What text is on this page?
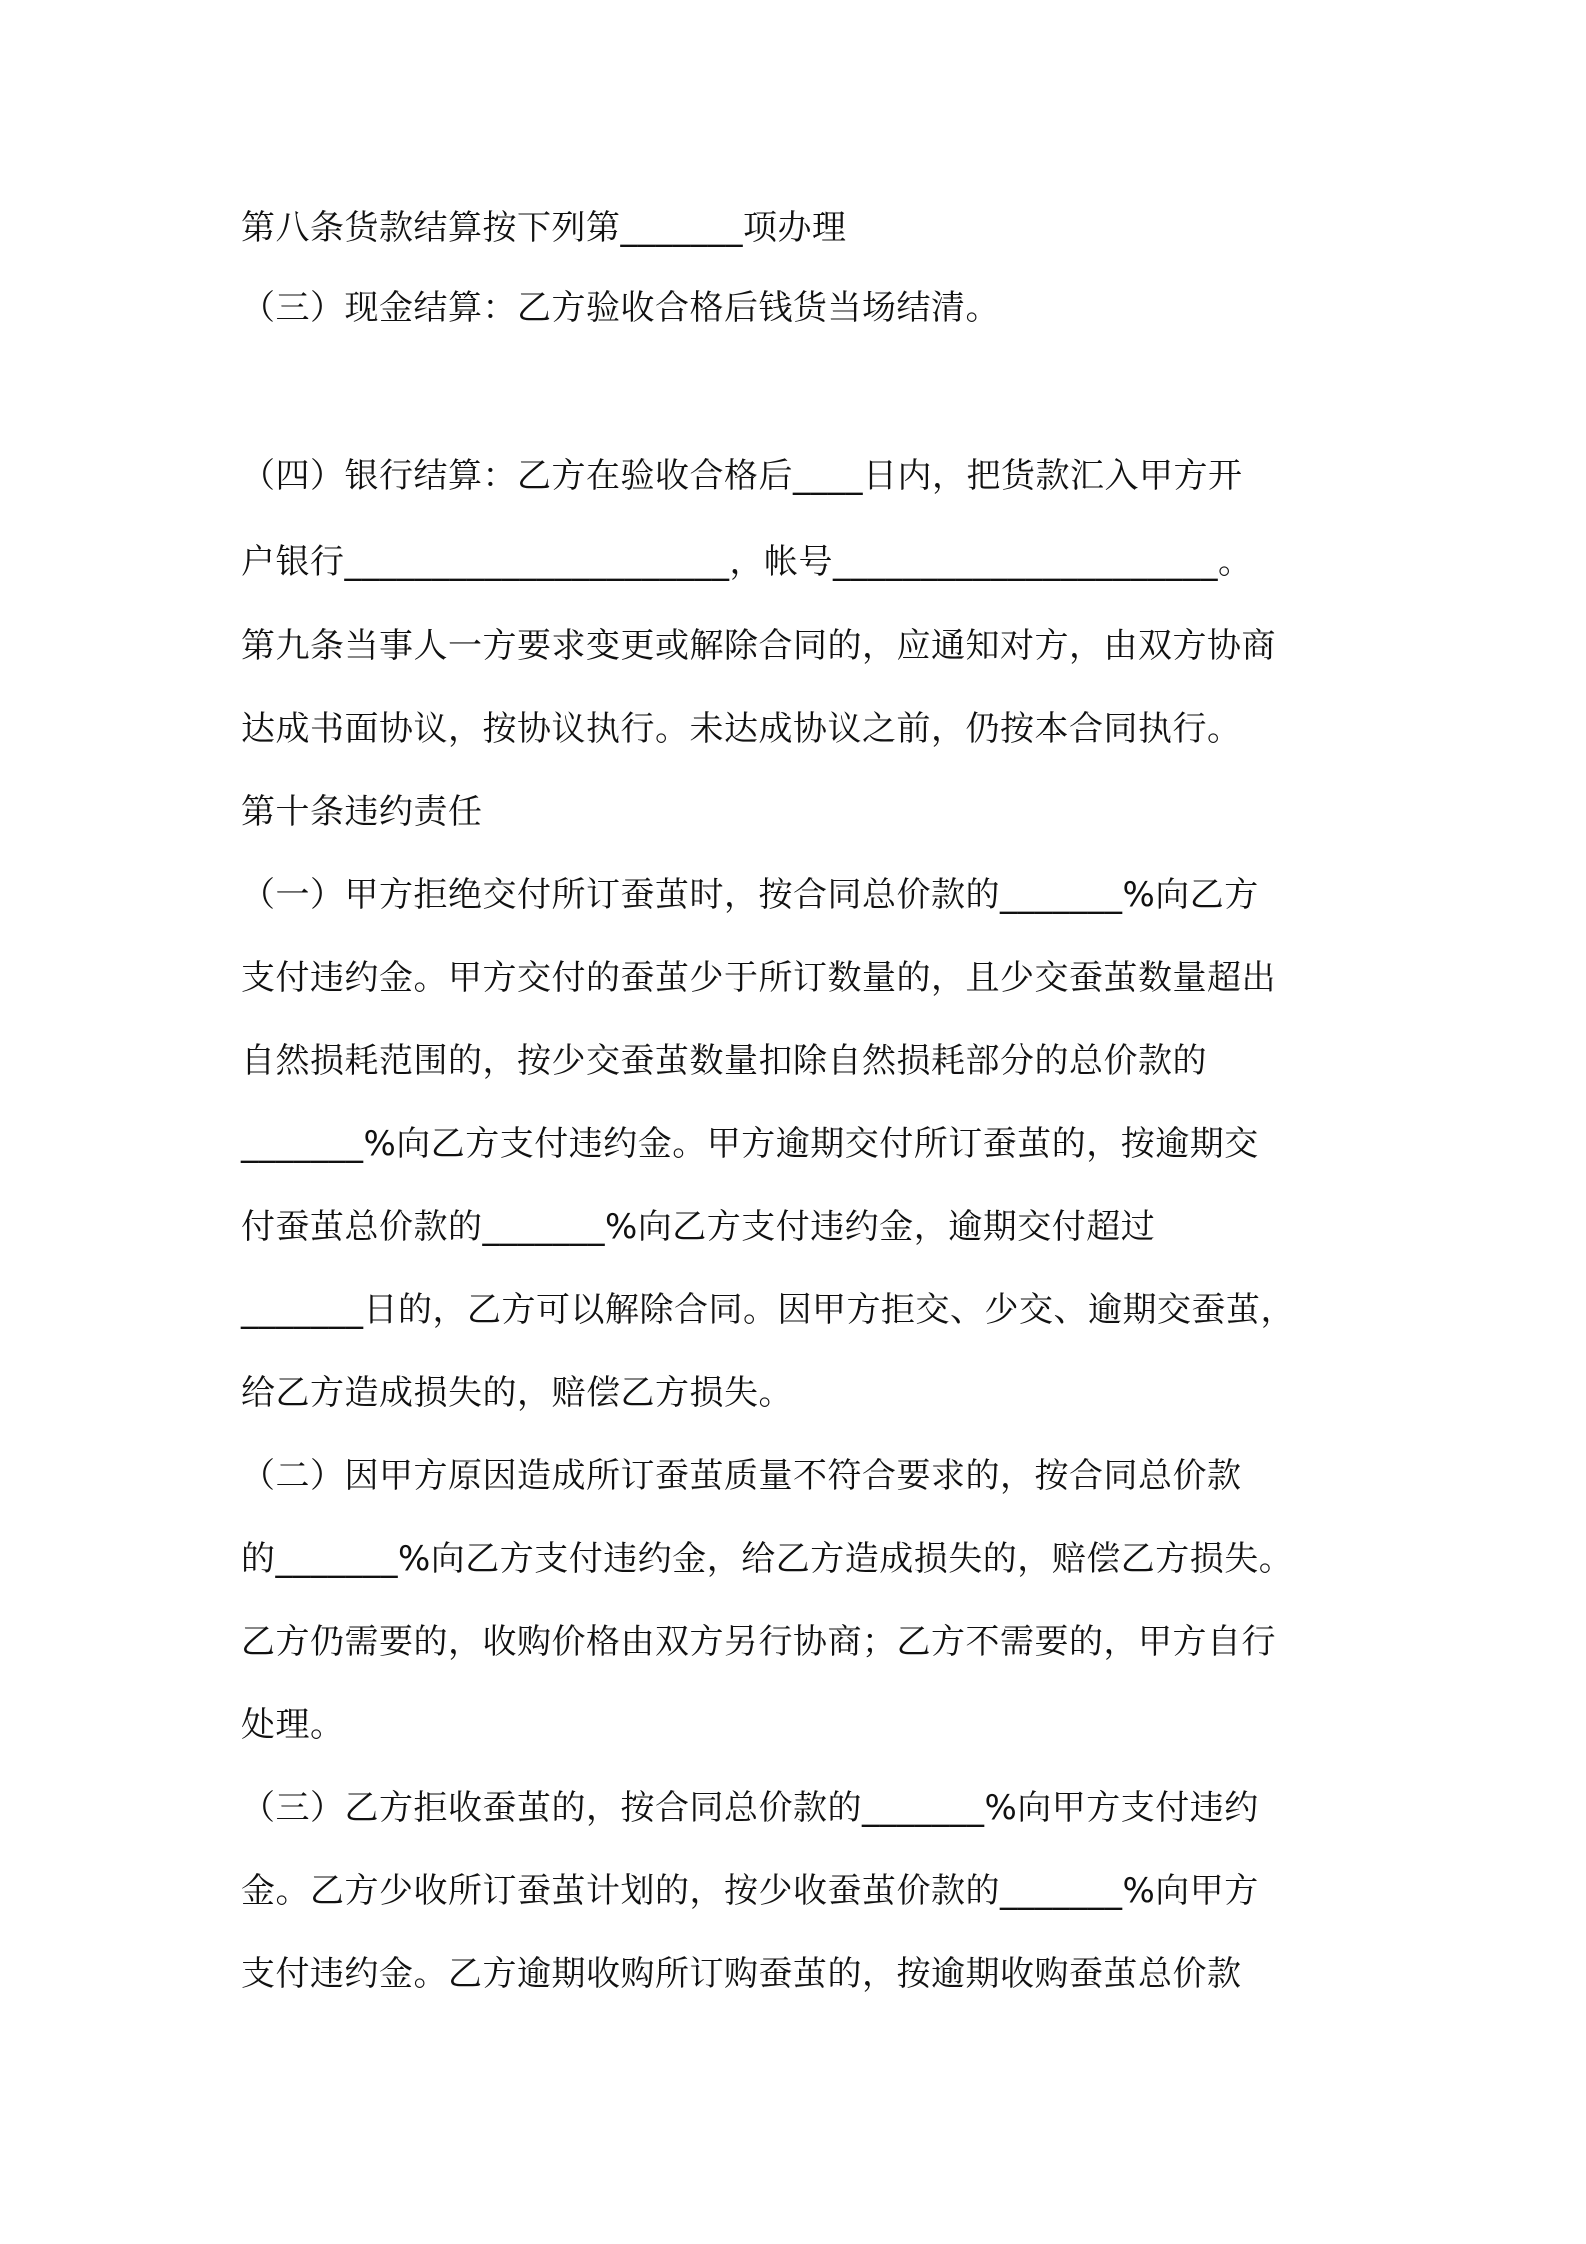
第八条货款结算按下列第_______项办理
（三）现金结算：乙方验收合格后钱货当场结清。
（四）银行结算：乙方在验收合格后____日内，把货款汇入甲方开
户银行______________________，帐号______________________。
第九条当事人一方要求变更或解除合同的，应通知对方，由双方协商
达成书面协议，按协议执行。未达成协议之前，仍按本合同执行。
第十条违约责任
（一）甲方拒绝交付所订蚕茧时，按合同总价款的_______%向乙方
支付违约金。甲方交付的蚕茧少于所订数量的，且少交蚕茧数量超出
自然损耗范围的，按少交蚕茧数量扣除自然损耗部分的总价款的
_______%向乙方支付违约金。甲方逾期交付所订蚕茧的，按逾期交
付蚕茧总价款的_______%向乙方支付违约金，逾期交付超过
_______日的，乙方可以解除合同。因甲方拒交、少交、逾期交蚕茧，
给乙方造成损失的，赔偿乙方损失。
（二）因甲方原因造成所订蚕茧质量不符合要求的，按合同总价款
的_______%向乙方支付违约金，给乙方造成损失的，赔偿乙方损失。
乙方仍需要的，收购价格由双方另行协商；乙方不需要的，甲方自行
处理。
（三）乙方拒收蚕茧的，按合同总价款的_______%向甲方支付违约
金。乙方少收所订蚕茧计划的，按少收蚕茧价款的_______%向甲方
支付违约金。乙方逾期收购所订购蚕茧的，按逾期收购蚕茧总价款
